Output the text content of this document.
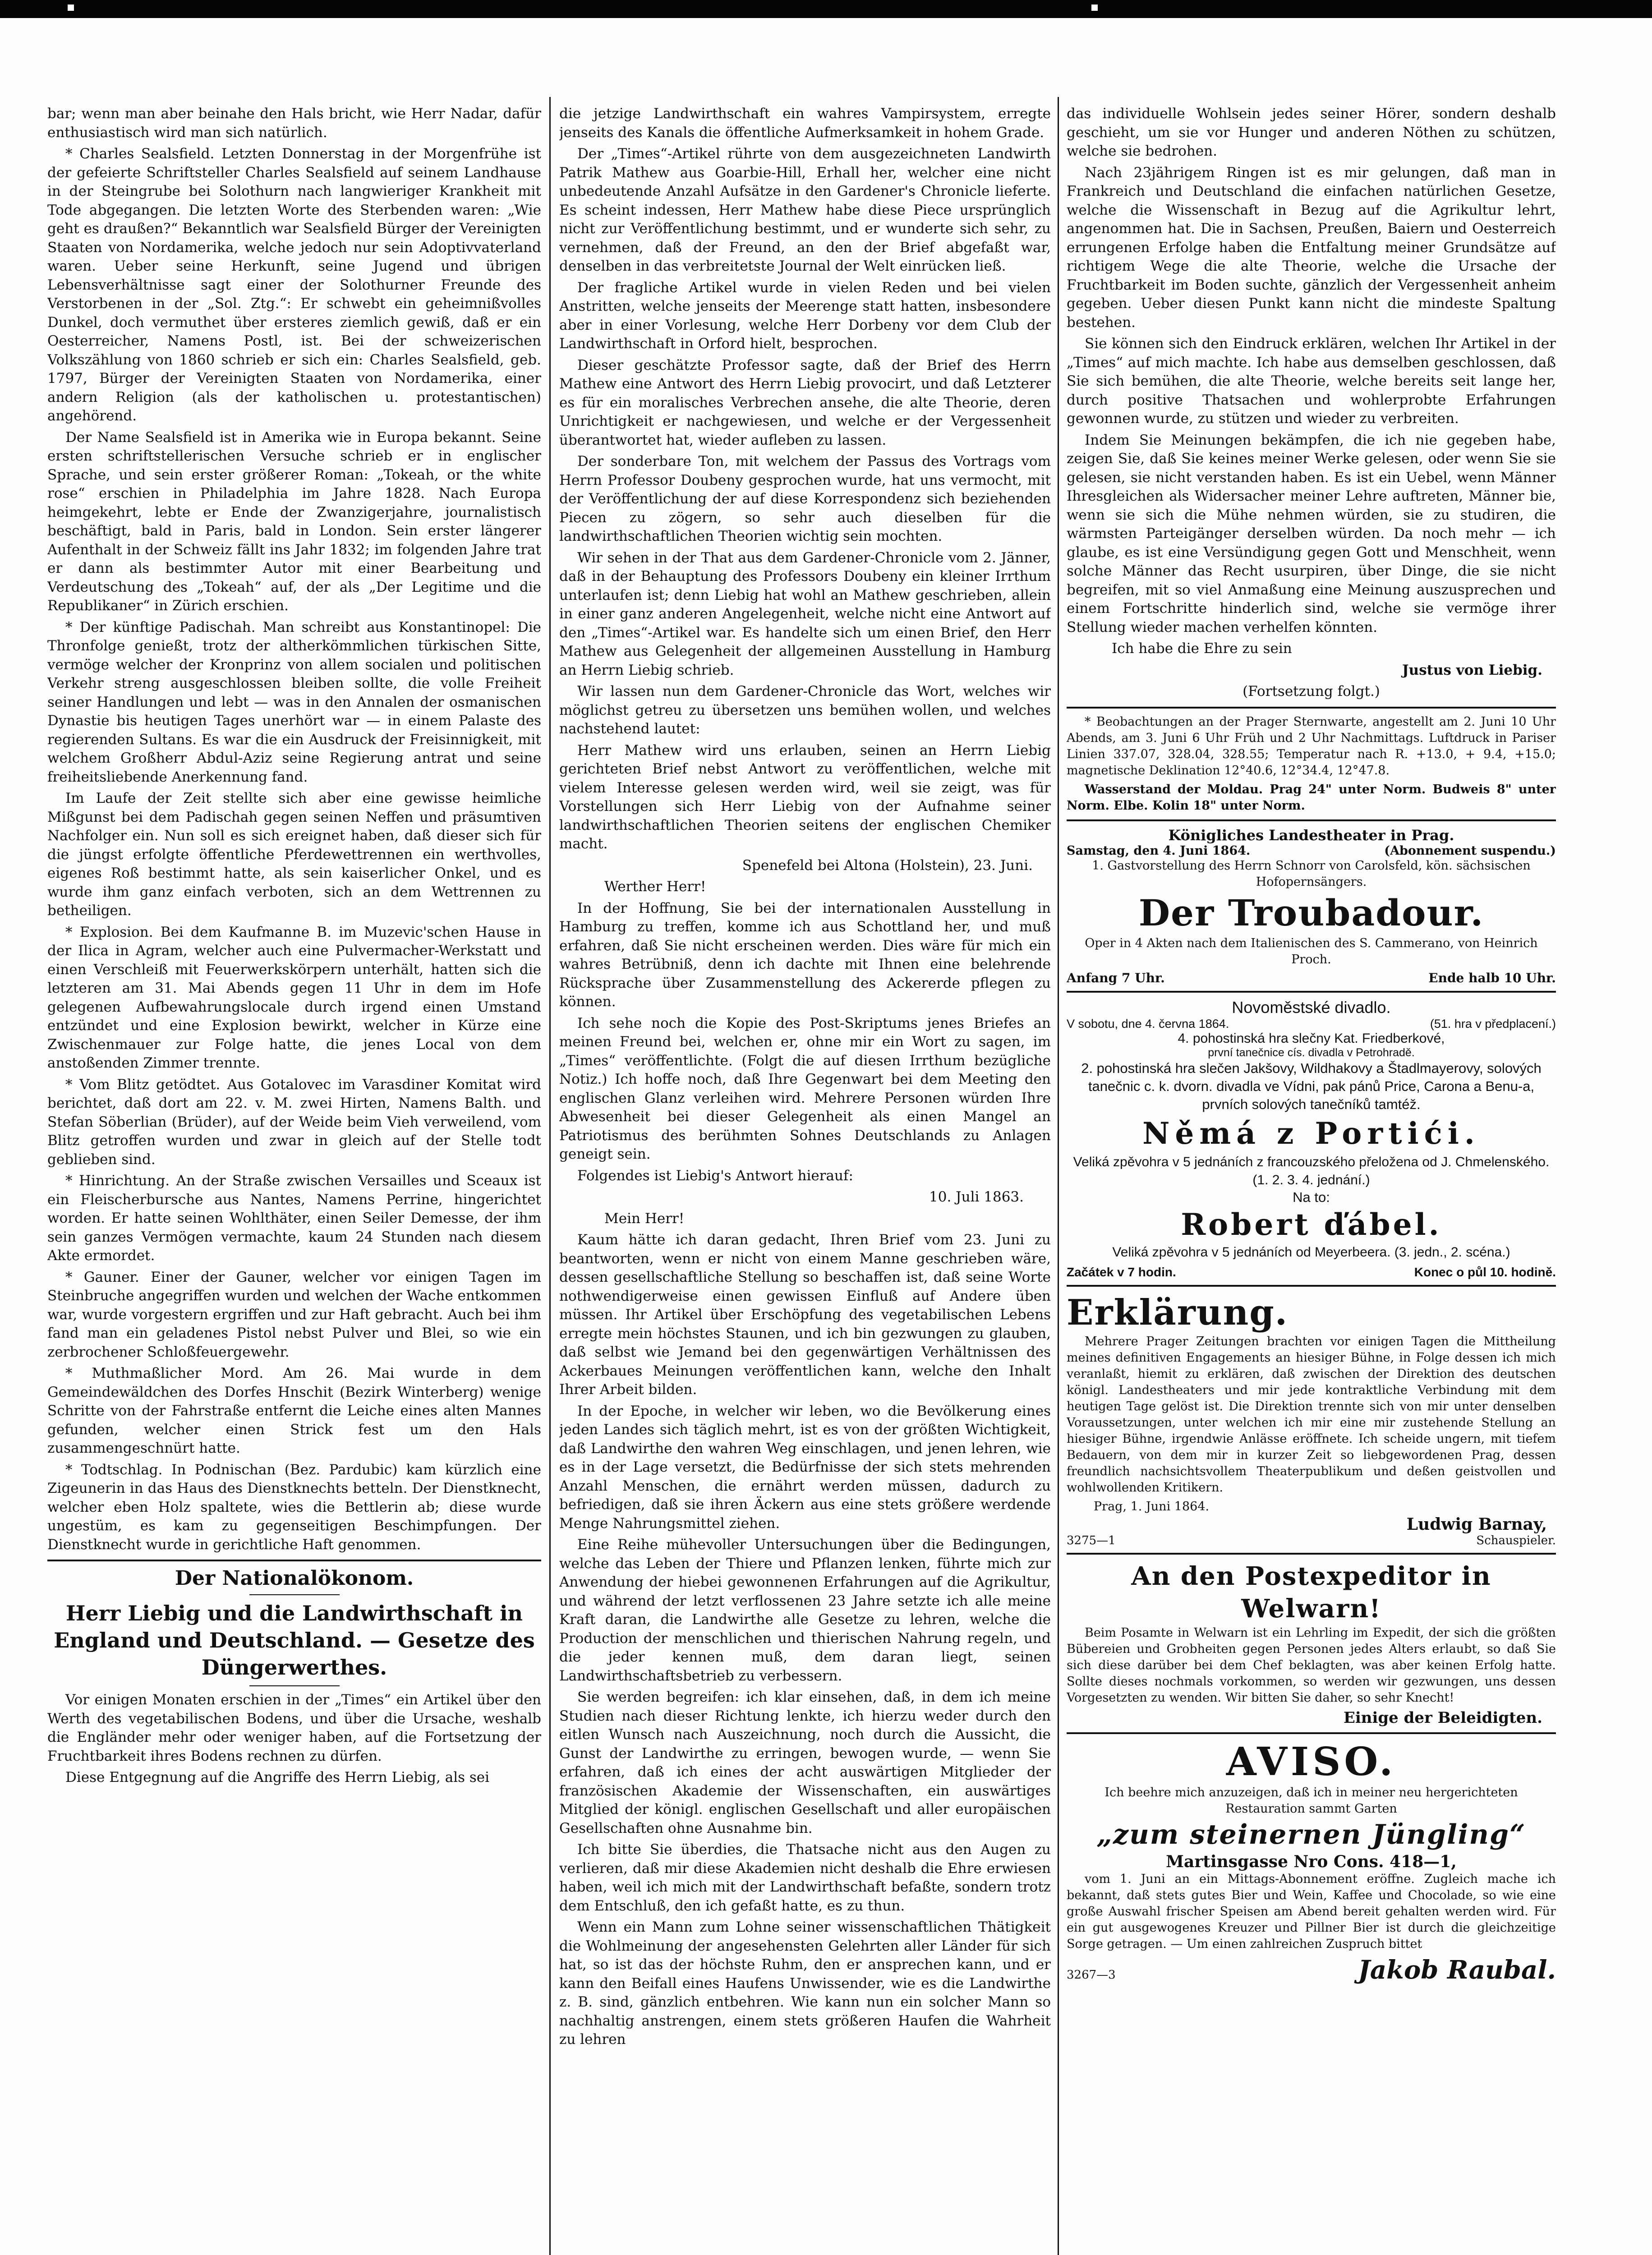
bar; wenn man aber beinahe den Hals bricht, wie Herr Nadar, dafür enthusiastisch wird man sich natürlich.

* Charles Sealsfield. Letzten Donnerstag in der Morgenfrühe ist der gefeierte Schriftsteller Charles Sealsfield auf seinem Landhause in der Steingrube bei Solothurn nach langwieriger Krankheit mit Tode abgegangen. Die letzten Worte des Sterbenden waren: „Wie geht es draußen?“ Bekanntlich war Sealsfield Bürger der Vereinigten Staaten von Nordamerika, welche jedoch nur sein Adoptivvaterland waren. Ueber seine Herkunft, seine Jugend und übrigen Lebensverhältnisse sagt einer der Solothurner Freunde des Verstorbenen in der „Sol. Ztg.“: Er schwebt ein geheimnißvolles Dunkel, doch vermuthet über ersteres ziemlich gewiß, daß er ein Oesterreicher, Namens Postl, ist. Bei der schweizerischen Volkszählung von 1860 schrieb er sich ein: Charles Sealsfield, geb. 1797, Bürger der Vereinigten Staaten von Nordamerika, einer andern Religion (als der katholischen u. protestantischen) angehörend.

Der Name Sealsfield ist in Amerika wie in Europa bekannt. Seine ersten schriftstellerischen Versuche schrieb er in englischer Sprache, und sein erster größerer Roman: „Tokeah, or the white rose“ erschien in Philadelphia im Jahre 1828. Nach Europa heimgekehrt, lebte er Ende der Zwanzigerjahre, journalistisch beschäftigt, bald in Paris, bald in London. Sein erster längerer Aufenthalt in der Schweiz fällt ins Jahr 1832; im folgenden Jahre trat er dann als bestimmter Autor mit einer Bearbeitung und Verdeutschung des „Tokeah“ auf, der als „Der Legitime und die Republikaner“ in Zürich erschien.

* Der künftige Padischah. Man schreibt aus Konstantinopel: Die Thronfolge genießt, trotz der altherkömmlichen türkischen Sitte, vermöge welcher der Kronprinz von allem socialen und politischen Verkehr streng ausgeschlossen bleiben sollte, die volle Freiheit seiner Handlungen und lebt — was in den Annalen der osmanischen Dynastie bis heutigen Tages unerhört war — in einem Palaste des regierenden Sultans. Es war die ein Ausdruck der Freisinnigkeit, mit welchem Großherr Abdul-Aziz seine Regierung antrat und seine freiheitsliebende Anerkennung fand.

Im Laufe der Zeit stellte sich aber eine gewisse heimliche Mißgunst bei dem Padischah gegen seinen Neffen und präsumtiven Nachfolger ein. Nun soll es sich ereignet haben, daß dieser sich für die jüngst erfolgte öffentliche Pferdewettrennen ein werthvolles, eigenes Roß bestimmt hatte, als sein kaiserlicher Onkel, und es wurde ihm ganz einfach verboten, sich an dem Wettrennen zu betheiligen.

* Explosion. Bei dem Kaufmanne B. im Muzevic'schen Hause in der Ilica in Agram, welcher auch eine Pulvermacher-Werkstatt und einen Verschleiß mit Feuerwerkskörpern unterhält, hatten sich die letzteren am 31. Mai Abends gegen 11 Uhr in dem im Hofe gelegenen Aufbewahrungslocale durch irgend einen Umstand entzündet und eine Explosion bewirkt, welcher in Kürze eine Zwischenmauer zur Folge hatte, die jenes Local von dem anstoßenden Zimmer trennte.

* Vom Blitz getödtet. Aus Gotalovec im Varasdiner Komitat wird berichtet, daß dort am 22. v. M. zwei Hirten, Namens Balth. und Stefan Söberlian (Brüder), auf der Weide beim Vieh verweilend, vom Blitz getroffen wurden und zwar in gleich auf der Stelle todt geblieben sind.

* Hinrichtung. An der Straße zwischen Versailles und Sceaux ist ein Fleischerbursche aus Nantes, Namens Perrine, hingerichtet worden. Er hatte seinen Wohlthäter, einen Seiler Demesse, der ihm sein ganzes Vermögen vermachte, kaum 24 Stunden nach diesem Akte ermordet.

* Gauner. Einer der Gauner, welcher vor einigen Tagen im Steinbruche angegriffen wurden und welchen der Wache entkommen war, wurde vorgestern ergriffen und zur Haft gebracht. Auch bei ihm fand man ein geladenes Pistol nebst Pulver und Blei, so wie ein zerbrochener Schloßfeuergewehr.

* Muthmaßlicher Mord. Am 26. Mai wurde in dem Gemeindewäldchen des Dorfes Hnschit (Bezirk Winterberg) wenige Schritte von der Fahrstraße entfernt die Leiche eines alten Mannes gefunden, welcher einen Strick fest um den Hals zusammengeschnürt hatte.

* Todtschlag. In Podnischan (Bez. Pardubic) kam kürzlich eine Zigeunerin in das Haus des Dienstknechts betteln. Der Dienstknecht, welcher eben Holz spaltete, wies die Bettlerin ab; diese wurde ungestüm, es kam zu gegenseitigen Beschimpfungen. Der Dienstknecht wurde in gerichtliche Haft genommen.

Der Nationalökonom.
Herr Liebig und die Landwirthschaft in England und Deutschland. — Gesetze des Düngerwerthes.

Vor einigen Monaten erschien in der „Times“ ein Artikel über den Werth des vegetabilischen Bodens, und über die Ursache, weshalb die Engländer mehr oder weniger haben, auf die Fortsetzung der Fruchtbarkeit ihres Bodens rechnen zu dürfen.

Diese Entgegnung auf die Angriffe des Herrn Liebig, als sei

die jetzige Landwirthschaft ein wahres Vampirsystem, erregte jenseits des Kanals die öffentliche Aufmerksamkeit in hohem Grade.

Der „Times“-Artikel rührte von dem ausgezeichneten Landwirth Patrik Mathew aus Goarbie-Hill, Erhall her, welcher eine nicht unbedeutende Anzahl Aufsätze in den Gardener's Chronicle lieferte. Es scheint indessen, Herr Mathew habe diese Piece ursprünglich nicht zur Veröffentlichung bestimmt, und er wunderte sich sehr, zu vernehmen, daß der Freund, an den der Brief abgefaßt war, denselben in das verbreitetste Journal der Welt einrücken ließ.

Der fragliche Artikel wurde in vielen Reden und bei vielen Anstritten, welche jenseits der Meerenge statt hatten, insbesondere aber in einer Vorlesung, welche Herr Dorbeny vor dem Club der Landwirthschaft in Orford hielt, besprochen.

Dieser geschätzte Professor sagte, daß der Brief des Herrn Mathew eine Antwort des Herrn Liebig provocirt, und daß Letzterer es für ein moralisches Verbrechen ansehe, die alte Theorie, deren Unrichtigkeit er nachgewiesen, und welche er der Vergessenheit überantwortet hat, wieder aufleben zu lassen.

Der sonderbare Ton, mit welchem der Passus des Vortrags vom Herrn Professor Doubeny gesprochen wurde, hat uns vermocht, mit der Veröffentlichung der auf diese Korrespondenz sich beziehenden Piecen zu zögern, so sehr auch dieselben für die landwirthschaftlichen Theorien wichtig sein mochten.

Wir sehen in der That aus dem Gardener-Chronicle vom 2. Jänner, daß in der Behauptung des Professors Doubeny ein kleiner Irrthum unterlaufen ist; denn Liebig hat wohl an Mathew geschrieben, allein in einer ganz anderen Angelegenheit, welche nicht eine Antwort auf den „Times“-Artikel war. Es handelte sich um einen Brief, den Herr Mathew aus Gelegenheit der allgemeinen Ausstellung in Hamburg an Herrn Liebig schrieb.

Wir lassen nun dem Gardener-Chronicle das Wort, welches wir möglichst getreu zu übersetzen uns bemühen wollen, und welches nachstehend lautet:

Herr Mathew wird uns erlauben, seinen an Herrn Liebig gerichteten Brief nebst Antwort zu veröffentlichen, welche mit vielem Interesse gelesen werden wird, weil sie zeigt, was für Vorstellungen sich Herr Liebig von der Aufnahme seiner landwirthschaftlichen Theorien seitens der englischen Chemiker macht.

Spenefeld bei Altona (Holstein), 23. Juni.

Werther Herr!

In der Hoffnung, Sie bei der internationalen Ausstellung in Hamburg zu treffen, komme ich aus Schottland her, und muß erfahren, daß Sie nicht erscheinen werden. Dies wäre für mich ein wahres Betrübniß, denn ich dachte mit Ihnen eine belehrende Rücksprache über Zusammenstellung des Ackererde pflegen zu können.

Ich sehe noch die Kopie des Post-Skriptums jenes Briefes an meinen Freund bei, welchen er, ohne mir ein Wort zu sagen, im „Times“ veröffentlichte. (Folgt die auf diesen Irrthum bezügliche Notiz.) Ich hoffe noch, daß Ihre Gegenwart bei dem Meeting den englischen Glanz verleihen wird. Mehrere Personen würden Ihre Abwesenheit bei dieser Gelegenheit als einen Mangel an Patriotismus des berühmten Sohnes Deutschlands zu Anlagen geneigt sein.

Folgendes ist Liebig's Antwort hierauf:

10. Juli 1863.

Mein Herr!

Kaum hätte ich daran gedacht, Ihren Brief vom 23. Juni zu beantworten, wenn er nicht von einem Manne geschrieben wäre, dessen gesellschaftliche Stellung so beschaffen ist, daß seine Worte nothwendigerweise einen gewissen Einfluß auf Andere üben müssen. Ihr Artikel über Erschöpfung des vegetabilischen Lebens erregte mein höchstes Staunen, und ich bin gezwungen zu glauben, daß selbst wie Jemand bei den gegenwärtigen Verhältnissen des Ackerbaues Meinungen veröffentlichen kann, welche den Inhalt Ihrer Arbeit bilden.

In der Epoche, in welcher wir leben, wo die Bevölkerung eines jeden Landes sich täglich mehrt, ist es von der größten Wichtigkeit, daß Landwirthe den wahren Weg einschlagen, und jenen lehren, wie es in der Lage versetzt, die Bedürfnisse der sich stets mehrenden Anzahl Menschen, die ernährt werden müssen, dadurch zu befriedigen, daß sie ihren Äckern aus eine stets größere werdende Menge Nahrungsmittel ziehen.

Eine Reihe mühevoller Untersuchungen über die Bedingungen, welche das Leben der Thiere und Pflanzen lenken, führte mich zur Anwendung der hiebei gewonnenen Erfahrungen auf die Agrikultur, und während der letzt verflossenen 23 Jahre setzte ich alle meine Kraft daran, die Landwirthe alle Gesetze zu lehren, welche die Production der menschlichen und thierischen Nahrung regeln, und die jeder kennen muß, dem daran liegt, seinen Landwirthschaftsbetrieb zu verbessern.

Sie werden begreifen: ich klar einsehen, daß, in dem ich meine Studien nach dieser Richtung lenkte, ich hierzu weder durch den eitlen Wunsch nach Auszeichnung, noch durch die Aussicht, die Gunst der Landwirthe zu erringen, bewogen wurde, — wenn Sie erfahren, daß ich eines der acht auswärtigen Mitglieder der französischen Akademie der Wissenschaften, ein auswärtiges Mitglied der königl. englischen Gesellschaft und aller europäischen Gesellschaften ohne Ausnahme bin.

Ich bitte Sie überdies, die Thatsache nicht aus den Augen zu verlieren, daß mir diese Akademien nicht deshalb die Ehre erwiesen haben, weil ich mich mit der Landwirthschaft befaßte, sondern trotz dem Entschluß, den ich gefaßt hatte, es zu thun.

Wenn ein Mann zum Lohne seiner wissenschaftlichen Thätigkeit die Wohlmeinung der angesehensten Gelehrten aller Länder für sich hat, so ist das der höchste Ruhm, den er ansprechen kann, und er kann den Beifall eines Haufens Unwissender, wie es die Landwirthe z. B. sind, gänzlich entbehren. Wie kann nun ein solcher Mann so nachhaltig anstrengen, einem stets größeren Haufen die Wahrheit zu lehren

das individuelle Wohlsein jedes seiner Hörer, sondern deshalb geschieht, um sie vor Hunger und anderen Nöthen zu schützen, welche sie bedrohen.

Nach 23jährigem Ringen ist es mir gelungen, daß man in Frankreich und Deutschland die einfachen natürlichen Gesetze, welche die Wissenschaft in Bezug auf die Agrikultur lehrt, angenommen hat. Die in Sachsen, Preußen, Baiern und Oesterreich errungenen Erfolge haben die Entfaltung meiner Grundsätze auf richtigem Wege die alte Theorie, welche die Ursache der Fruchtbarkeit im Boden suchte, gänzlich der Vergessenheit anheim gegeben. Ueber diesen Punkt kann nicht die mindeste Spaltung bestehen.

Sie können sich den Eindruck erklären, welchen Ihr Artikel in der „Times“ auf mich machte. Ich habe aus demselben geschlossen, daß Sie sich bemühen, die alte Theorie, welche bereits seit lange her, durch positive Thatsachen und wohlerprobte Erfahrungen gewonnen wurde, zu stützen und wieder zu verbreiten.

Indem Sie Meinungen bekämpfen, die ich nie gegeben habe, zeigen Sie, daß Sie keines meiner Werke gelesen, oder wenn Sie sie gelesen, sie nicht verstanden haben. Es ist ein Uebel, wenn Männer Ihresgleichen als Widersacher meiner Lehre auftreten, Männer bie, wenn sie sich die Mühe nehmen würden, sie zu studiren, die wärmsten Parteigänger derselben würden. Da noch mehr — ich glaube, es ist eine Versündigung gegen Gott und Menschheit, wenn solche Männer das Recht usurpiren, über Dinge, die sie nicht begreifen, mit so viel Anmaßung eine Meinung auszusprechen und einem Fortschritte hinderlich sind, welche sie vermöge ihrer Stellung wieder machen verhelfen könnten.

Ich habe die Ehre zu sein

Justus von Liebig.

(Fortsetzung folgt.)

* Beobachtungen an der Prager Sternwarte, angestellt am 2. Juni 10 Uhr Abends, am 3. Juni 6 Uhr Früh und 2 Uhr Nachmittags. Luftdruck in Pariser Linien 337.07, 328.04, 328.55; Temperatur nach R. +13.0, + 9.4, +15.0; magnetische Deklination 12°40.6, 12°34.4, 12°47.8.

Wasserstand der Moldau. Prag 24" unter Norm. Budweis 8" unter Norm. Elbe. Kolin 18" unter Norm.

Königliches Landestheater in Prag.
Samstag, den 4. Juni 1864.	(Abonnement suspendu.)
1. Gastvorstellung des Herrn Schnorr von Carolsfeld, kön. sächsischen Hofopernsängers.
Der Troubadour.
Oper in 4 Akten nach dem Italienischen des S. Cammerano, von Heinrich Proch.
Anfang 7 Uhr.	Ende halb 10 Uhr.
Novoměstské divadlo.
V sobotu, dne 4. června 1864.	(51. hra v předplacení.)
4. pohostinská hra slečny Kat. Friedberkové,
první tanečnice cís. divadla v Petrohradě.
2. pohostinská hra slečen Jakšovy, Wildhakovy a Štadlmayerovy, solových tanečnic c. k. dvorn. divadla ve Vídni, pak pánů Price, Carona a Benu-a, prvních solových tanečníků tamtéž.
Němá z Portići.
Veliká zpěvohra v 5 jednáních z francouzského přeložena od J. Chmelenského. (1. 2. 3. 4. jednání.)
Na to:
Robert ďábel.
Veliká zpěvohra v 5 jednáních od Meyerbeera. (3. jedn., 2. scéna.)
Začátek v 7 hodin.	Konec o půl 10. hodině.
Erklärung.

Mehrere Prager Zeitungen brachten vor einigen Tagen die Mittheilung meines definitiven Engagements an hiesiger Bühne, in Folge dessen ich mich veranlaßt, hiemit zu erklären, daß zwischen der Direktion des deutschen königl. Landestheaters und mir jede kontraktliche Verbindung mit dem heutigen Tage gelöst ist. Die Direktion trennte sich von mir unter denselben Voraussetzungen, unter welchen ich mir eine mir zustehende Stellung an hiesiger Bühne, irgendwie Anlässe eröffnete. Ich scheide ungern, mit tiefem Bedauern, von dem mir in kurzer Zeit so liebgewordenen Prag, dessen freundlich nachsichtsvollem Theaterpublikum und deßen geistvollen und wohlwollenden Kritikern.

Prag, 1. Juni 1864.
Ludwig Barnay,
3275—1	Schauspieler.
An den Postexpeditor in Welwarn!

Beim Posamte in Welwarn ist ein Lehrling im Expedit, der sich die größten Bübereien und Grobheiten gegen Personen jedes Alters erlaubt, so daß Sie sich diese darüber bei dem Chef beklagten, was aber keinen Erfolg hatte. Sollte dieses nochmals vorkommen, so werden wir gezwungen, uns dessen Vorgesetzten zu wenden. Wir bitten Sie daher, so sehr Knecht!

Einige der Beleidigten.
AVISO.
Ich beehre mich anzuzeigen, daß ich in meiner neu hergerichteten Restauration sammt Garten
„zum steinernen Jüngling“
Martinsgasse Nro Cons. 418—1,

vom 1. Juni an ein Mittags-Abonnement eröffne. Zugleich mache ich bekannt, daß stets gutes Bier und Wein, Kaffee und Chocolade, so wie eine große Auswahl frischer Speisen am Abend bereit gehalten werden wird. Für ein gut ausgewogenes Kreuzer und Pillner Bier ist durch die gleichzeitige Sorge getragen. — Um einen zahlreichen Zuspruch bittet

3267—3	Jakob Raubal.
